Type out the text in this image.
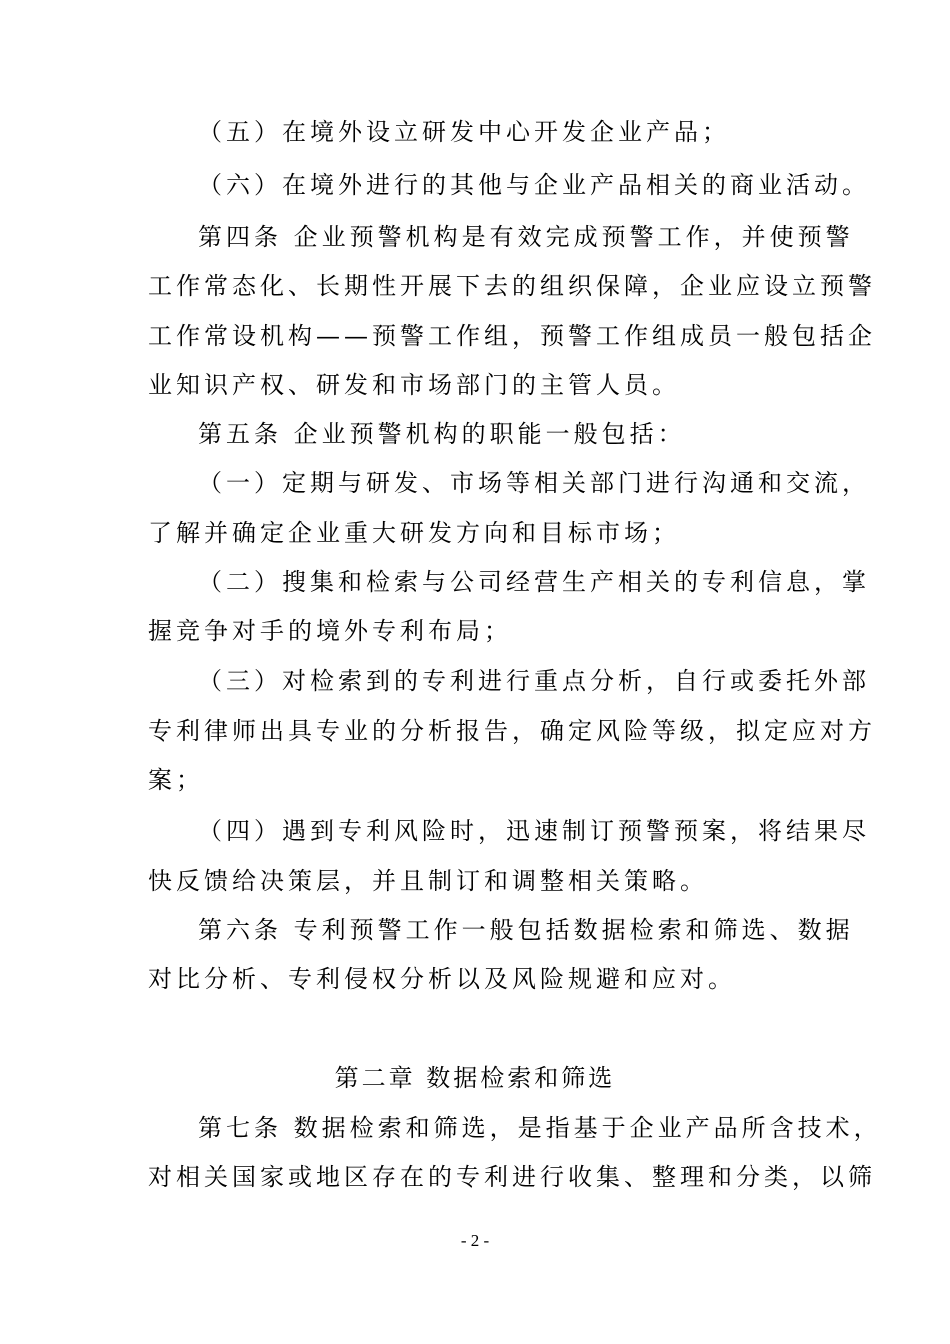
（五）在境外设立研发中心开发企业产品；
（六）在境外进行的其他与企业产品相关的商业活动。
第四条 企业预警机构是有效完成预警工作，并使预警
工作常态化、长期性开展下去的组织保障，企业应设立预警
工作常设机构——预警工作组，预警工作组成员一般包括企
业知识产权、研发和市场部门的主管人员。
第五条 企业预警机构的职能一般包括：
（一）定期与研发、市场等相关部门进行沟通和交流，
了解并确定企业重大研发方向和目标市场；
（二）搜集和检索与公司经营生产相关的专利信息，掌
握竞争对手的境外专利布局；
（三）对检索到的专利进行重点分析，自行或委托外部
专利律师出具专业的分析报告，确定风险等级，拟定应对方
案；
（四）遇到专利风险时，迅速制订预警预案，将结果尽
快反馈给决策层，并且制订和调整相关策略。
第六条 专利预警工作一般包括数据检索和筛选、数据
对比分析、专利侵权分析以及风险规避和应对。
第二章 数据检索和筛选
第七条 数据检索和筛选，是指基于企业产品所含技术，
对相关国家或地区存在的专利进行收集、整理和分类，以筛
- 2 -
